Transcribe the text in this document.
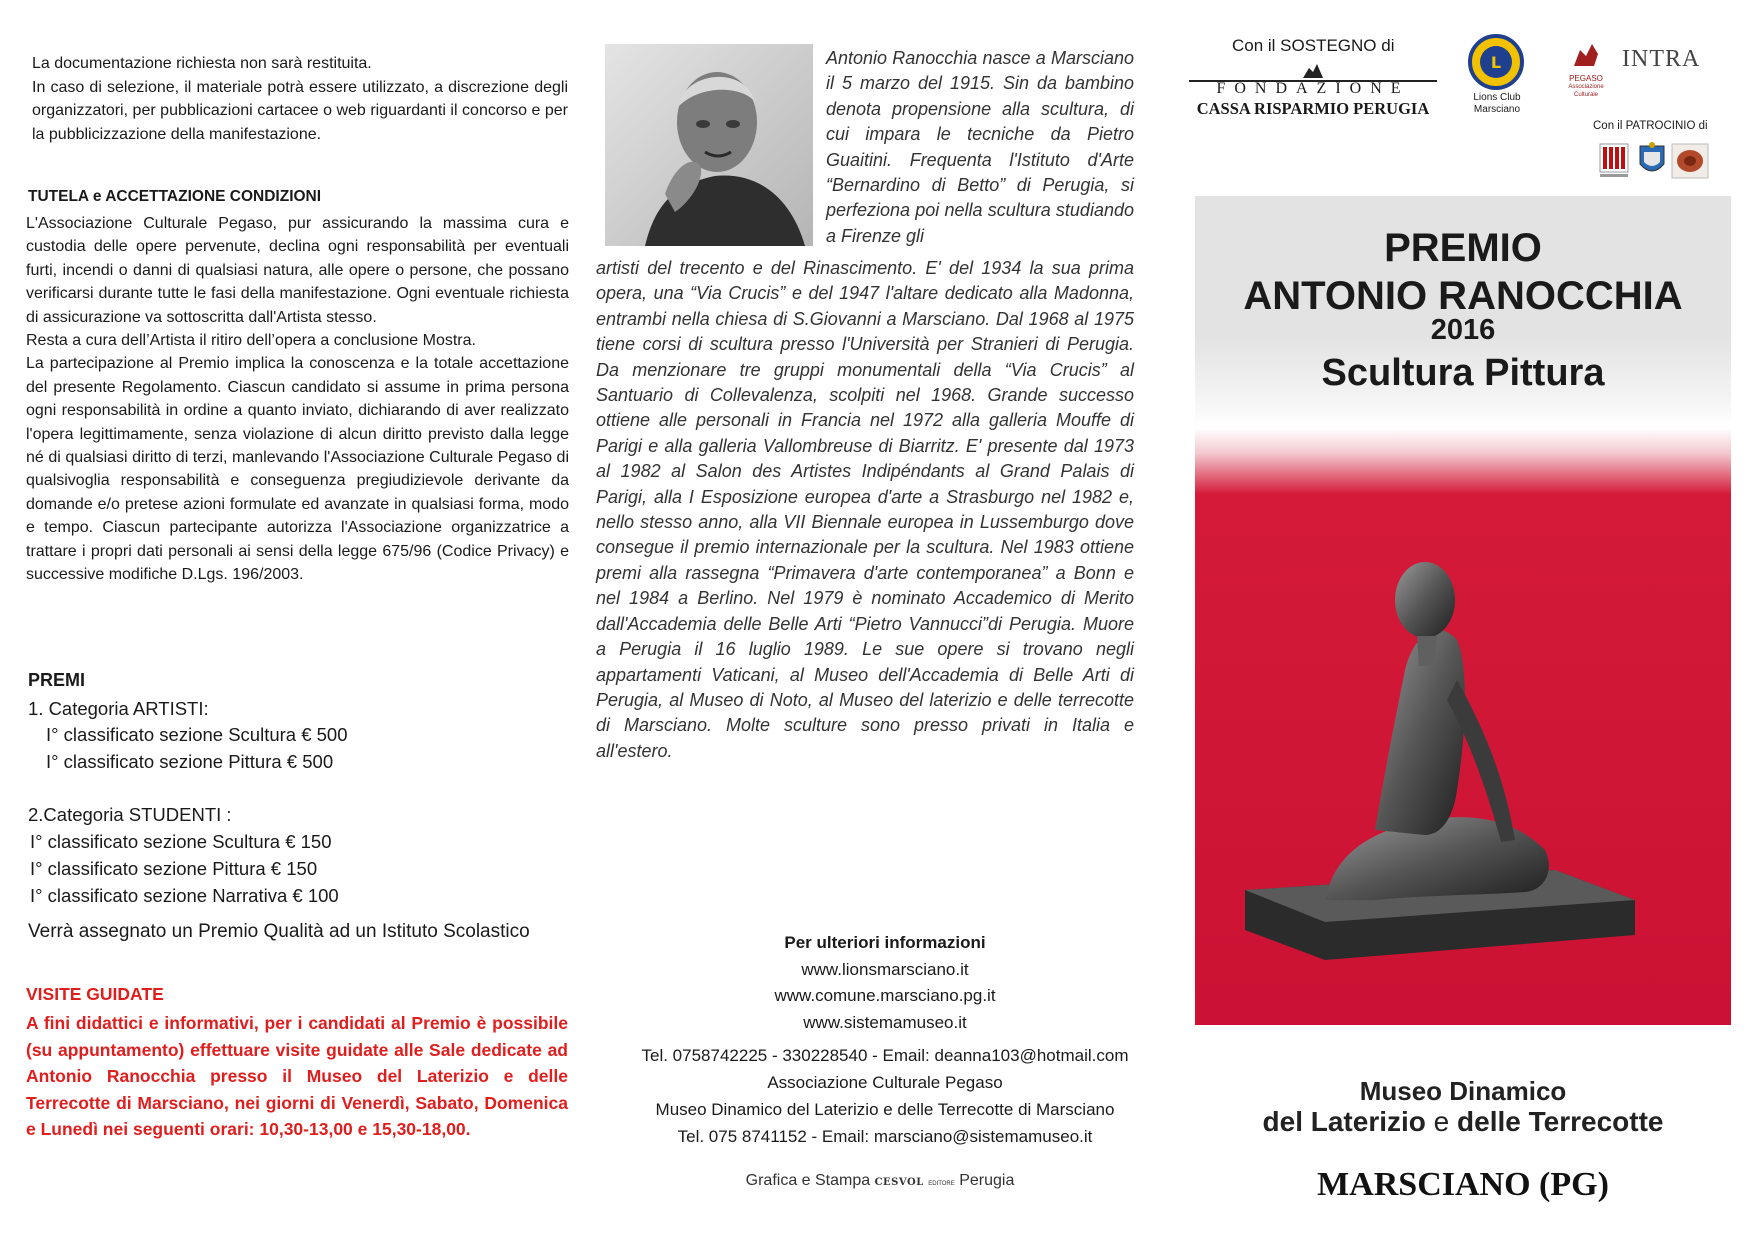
La documentazione richiesta non sarà restituita.
In caso di selezione, il materiale potrà essere utilizzato, a discrezione degli organizzatori, per pubblicazioni cartacee o web riguardanti il concorso e per la pubblicizzazione della manifestazione.
TUTELA e ACCETTAZIONE CONDIZIONI

L'Associazione Culturale Pegaso, pur assicurando la massima cura e custodia delle opere pervenute, declina ogni responsabilità per eventuali furti, incendi o danni di qualsiasi natura, alle opere o persone, che possano verificarsi durante tutte le fasi della manifestazione. Ogni eventuale richiesta di assicurazione va sottoscritta dall'Artista stesso.

Resta a cura dell’Artista il ritiro dell’opera a conclusione Mostra.

La partecipazione al Premio implica la conoscenza e la totale accettazione del presente Regolamento. Ciascun candidato si assume in prima persona ogni responsabilità in ordine a quanto inviato, dichiarando di aver realizzato l'opera legittimamente, senza violazione di alcun diritto previsto dalla legge né di qualsiasi diritto di terzi, manlevando l'Associazione Culturale Pegaso di qualsivoglia responsabilità e conseguenza pregiudizievole derivante da domande e/o pretese azioni formulate ed avanzate in qualsiasi forma, modo e tempo. Ciascun partecipante autorizza l'Associazione organizzatrice a trattare i propri dati personali ai sensi della legge 675/96 (Codice Privacy) e successive modifiche D.Lgs. 196/2003.

PREMI
1. Categoria ARTISTI:
I° classificato sezione Scultura € 500
I° classificato sezione Pittura € 500
2.Categoria STUDENTI :
I° classificato sezione Scultura € 150
I° classificato sezione Pittura € 150
I° classificato sezione Narrativa € 100
Verrà assegnato un Premio Qualità ad un Istituto Scolastico
VISITE GUIDATE
A fini didattici e informativi, per i candidati al Premio è possibile (su appuntamento) effettuare visite guidate alle Sale dedicate ad Antonio Ranocchia presso il Museo del Laterizio e delle Terrecotte di Marsciano, nei giorni di Venerdì, Sabato, Domenica e Lunedì nei seguenti orari: 10,30-13,00 e 15,30-18,00.
Antonio Ranocchia nasce a Marsciano il 5 marzo del 1915. Sin da bambino denota propensione alla scultura, di cui impara le tecniche da Pietro Guaitini. Frequenta l'Istituto d'Arte “Bernardino di Betto” di Perugia, si perfeziona poi nella scultura studiando a Firenze gli
artisti del trecento e del Rinascimento. E' del 1934 la sua prima opera, una “Via Crucis” e del 1947 l'altare dedicato alla Madonna, entrambi nella chiesa di S.Giovanni a Marsciano. Dal 1968 al 1975 tiene corsi di scultura presso l'Università per Stranieri di Perugia. Da menzionare tre gruppi monumentali della “Via Crucis” al Santuario di Collevalenza, scolpiti nel 1968. Grande successo ottiene alle personali in Francia nel 1972 alla galleria Mouffe di Parigi e alla galleria Vallombreuse di Biarritz. E' presente dal 1973 al 1982 al Salon des Artistes Indipéndants al Grand Palais di Parigi, alla I Esposizione europea d'arte a Strasburgo nel 1982 e, nello stesso anno, alla VII Biennale europea in Lussemburgo dove consegue il premio internazionale per la scultura. Nel 1983 ottiene premi alla rassegna “Primavera d'arte contemporanea” a Bonn e nel 1984 a Berlino. Nel 1979 è nominato Accademico di Merito dall'Accademia delle Belle Arti “Pietro Vannucci”di Perugia. Muore a Perugia il 16 luglio 1989. Le sue opere si trovano negli appartamenti Vaticani, al Museo dell'Accademia di Belle Arti di Perugia, al Museo di Noto, al Museo del laterizio e delle terrecotte di Marsciano. Molte sculture sono presso privati in Italia e all'estero.
Per ulteriori informazioni
www.lionsmarsciano.it
www.comune.marsciano.pg.it
www.sistemamuseo.it
Tel. 0758742225 - 330228540 - Email: deanna103@hotmail.com
Associazione Culturale Pegaso
Museo Dinamico del Laterizio e delle Terrecotte di Marsciano
Tel. 075 8741152 - Email: marsciano@sistemamuseo.it
Grafica e Stampa CESVOL EDITORE Perugia
Con il SOSTEGNO di
FONDAZIONE
CASSA RISPARMIO PERUGIA
L
Lions Club
Marsciano
PEGASO
Associazione Culturale
INTRA
Con il PATROCINIO di
PREMIO
ANTONIO RANOCCHIA
2016
Scultura Pittura
Museo Dinamico
del Laterizio e delle Terrecotte
MARSCIANO (PG)
